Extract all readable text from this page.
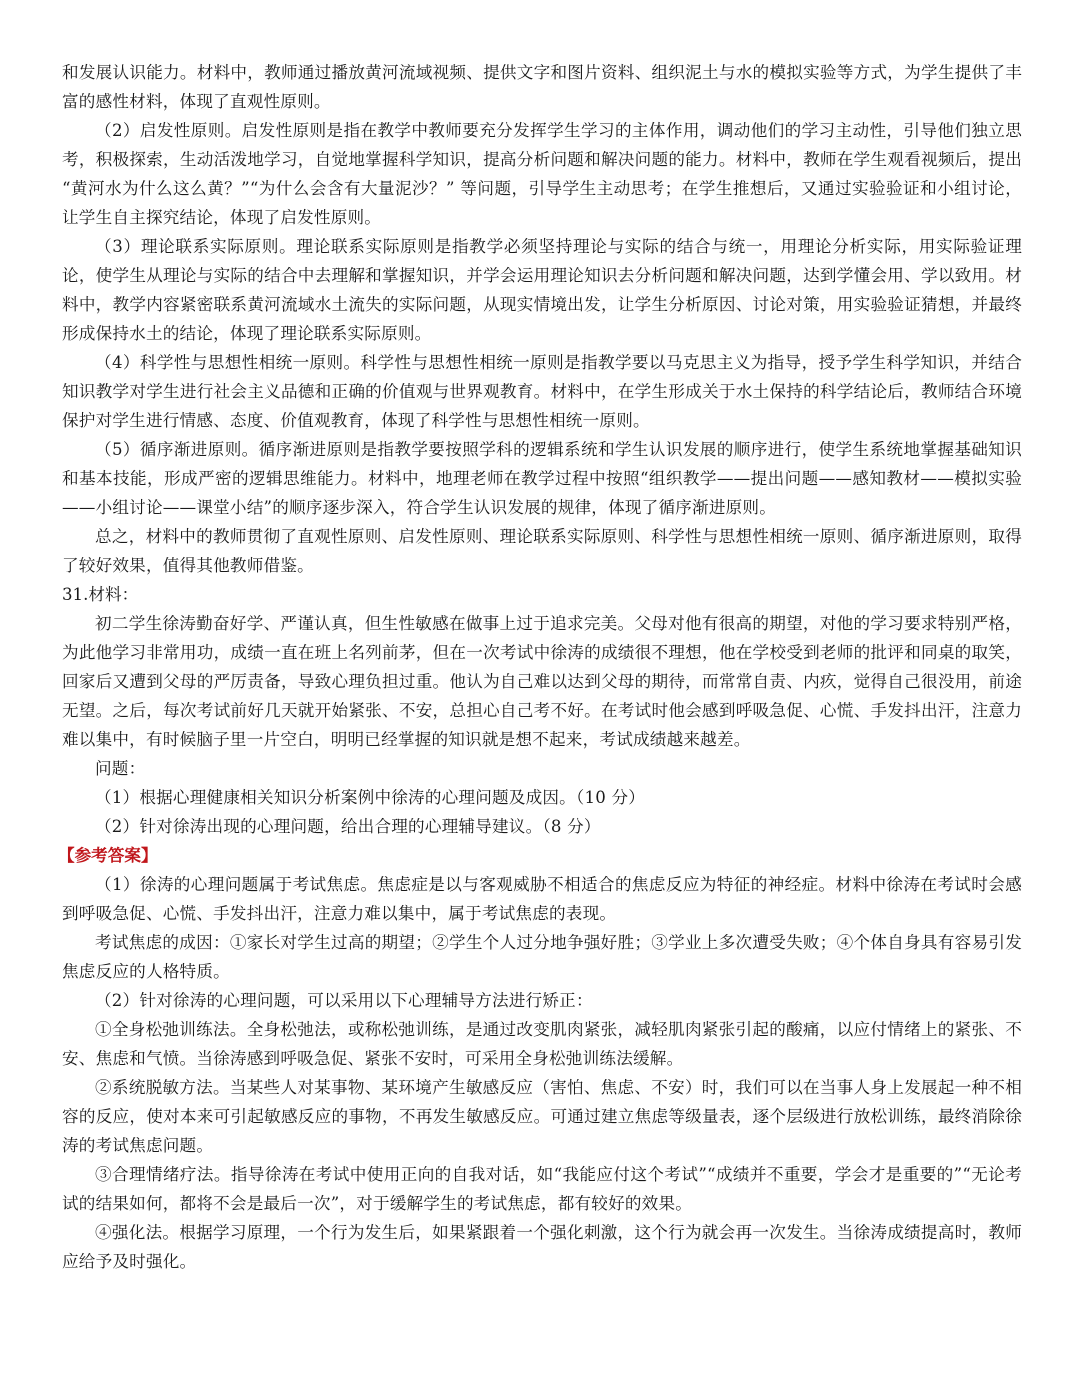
和发展认识能力。材料中，教师通过播放黄河流域视频、提供文字和图片资料、组织泥土与水的模拟实验等方式，为学生提供了丰富的感性材料，体现了直观性原则。

（2）启发性原则。启发性原则是指在教学中教师要充分发挥学生学习的主体作用，调动他们的学习主动性，引导他们独立思考，积极探索，生动活泼地学习，自觉地掌握科学知识，提高分析问题和解决问题的能力。材料中，教师在学生观看视频后，提出 “黄河水为什么这么黄？”“为什么会含有大量泥沙？” 等问题，引导学生主动思考；在学生推想后，又通过实验验证和小组讨论，让学生自主探究结论，体现了启发性原则。

（3）理论联系实际原则。理论联系实际原则是指教学必须坚持理论与实际的结合与统一，用理论分析实际，用实际验证理论，使学生从理论与实际的结合中去理解和掌握知识，并学会运用理论知识去分析问题和解决问题，达到学懂会用、学以致用。材料中，教学内容紧密联系黄河流域水土流失的实际问题，从现实情境出发，让学生分析原因、讨论对策，用实验验证猜想，并最终形成保持水土的结论，体现了理论联系实际原则。

（4）科学性与思想性相统一原则。科学性与思想性相统一原则是指教学要以马克思主义为指导，授予学生科学知识，并结合知识教学对学生进行社会主义品德和正确的价值观与世界观教育。材料中，在学生形成关于水土保持的科学结论后，教师结合环境保护对学生进行情感、态度、价值观教育，体现了科学性与思想性相统一原则。

（5）循序渐进原则。循序渐进原则是指教学要按照学科的逻辑系统和学生认识发展的顺序进行，使学生系统地掌握基础知识和基本技能，形成严密的逻辑思维能力。材料中，地理老师在教学过程中按照“组织教学——提出问题——感知教材——模拟实验——小组讨论——课堂小结”的顺序逐步深入，符合学生认识发展的规律，体现了循序渐进原则。

总之，材料中的教师贯彻了直观性原则、启发性原则、理论联系实际原则、科学性与思想性相统一原则、循序渐进原则，取得了较好效果，值得其他教师借鉴。

31.材料：

初二学生徐涛勤奋好学、严谨认真，但生性敏感在做事上过于追求完美。父母对他有很高的期望，对他的学习要求特别严格，为此他学习非常用功，成绩一直在班上名列前茅，但在一次考试中徐涛的成绩很不理想，他在学校受到老师的批评和同桌的取笑，回家后又遭到父母的严厉责备，导致心理负担过重。他认为自己难以达到父母的期待，而常常自责、内疚，觉得自己很没用，前途无望。之后，每次考试前好几天就开始紧张、不安，总担心自己考不好。在考试时他会感到呼吸急促、心慌、手发抖出汗，注意力难以集中，有时候脑子里一片空白，明明已经掌握的知识就是想不起来，考试成绩越来越差。

问题：

（1）根据心理健康相关知识分析案例中徐涛的心理问题及成因。（10 分）

（2）针对徐涛出现的心理问题，给出合理的心理辅导建议。（8 分）

【参考答案】

（1）徐涛的心理问题属于考试焦虑。焦虑症是以与客观威胁不相适合的焦虑反应为特征的神经症。材料中徐涛在考试时会感到呼吸急促、心慌、手发抖出汗，注意力难以集中，属于考试焦虑的表现。

考试焦虑的成因：①家长对学生过高的期望；②学生个人过分地争强好胜；③学业上多次遭受失败；④个体自身具有容易引发焦虑反应的人格特质。

（2）针对徐涛的心理问题，可以采用以下心理辅导方法进行矫正：

①全身松弛训练法。全身松弛法，或称松弛训练，是通过改变肌肉紧张，减轻肌肉紧张引起的酸痛，以应付情绪上的紧张、不安、焦虑和气愤。当徐涛感到呼吸急促、紧张不安时，可采用全身松弛训练法缓解。

②系统脱敏方法。当某些人对某事物、某环境产生敏感反应（害怕、焦虑、不安）时，我们可以在当事人身上发展起一种不相容的反应，使对本来可引起敏感反应的事物，不再发生敏感反应。可通过建立焦虑等级量表，逐个层级进行放松训练，最终消除徐涛的考试焦虑问题。

③合理情绪疗法。指导徐涛在考试中使用正向的自我对话，如“我能应付这个考试”“成绩并不重要，学会才是重要的”“无论考试的结果如何，都将不会是最后一次”，对于缓解学生的考试焦虑，都有较好的效果。

④强化法。根据学习原理，一个行为发生后，如果紧跟着一个强化刺激，这个行为就会再一次发生。当徐涛成绩提高时，教师应给予及时强化。
